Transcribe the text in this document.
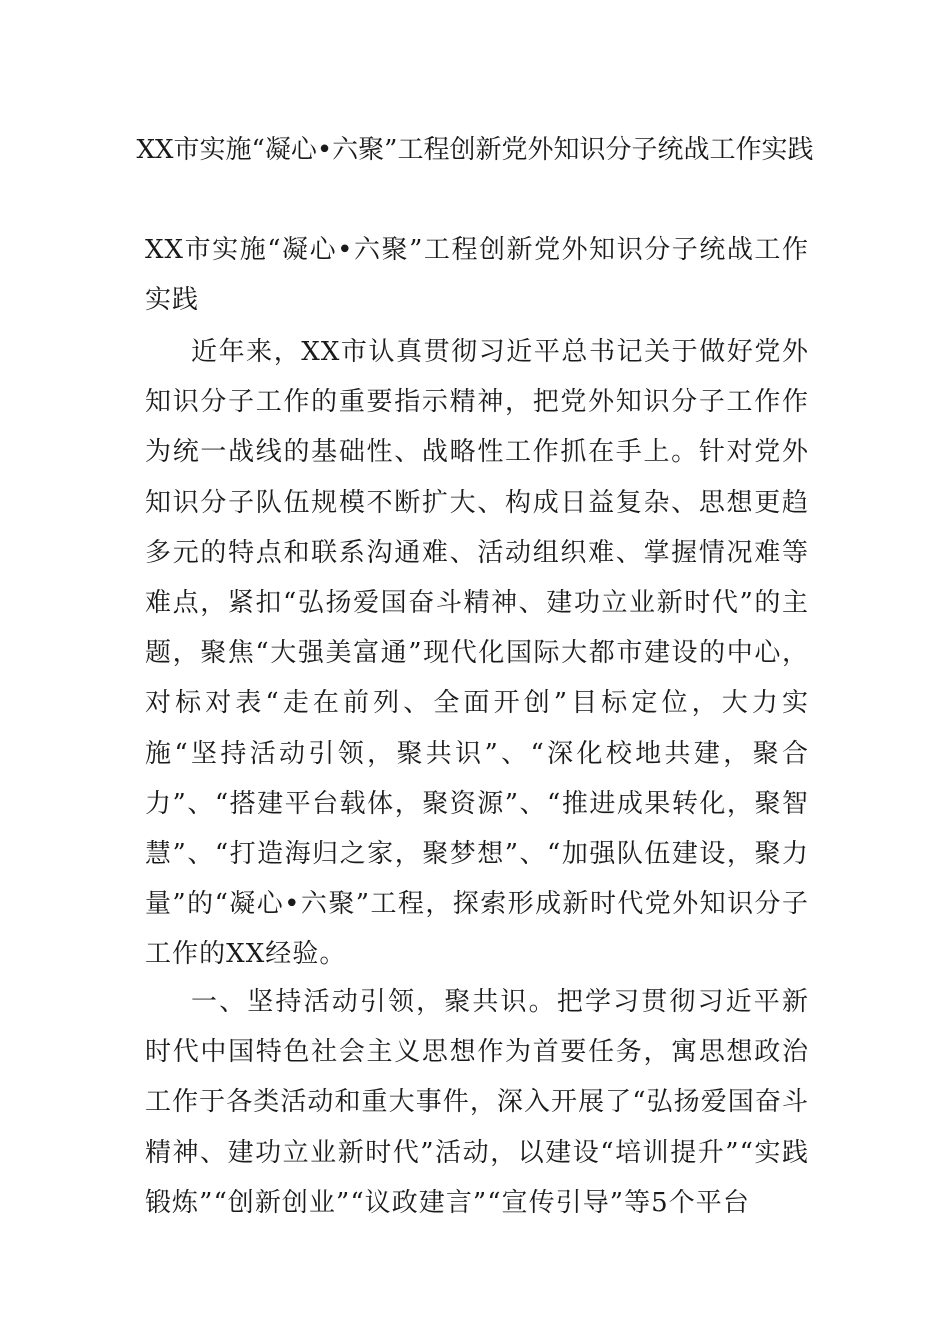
XX市实施“凝心•六聚”工程创新党外知识分子统战工作实践

XX市实施“凝心•六聚”工程创新党外知识分子统战工作实践

近年来，XX市认真贯彻习近平总书记关于做好党外知识分子工作的重要指示精神，把党外知识分子工作作为统一战线的基础性、战略性工作抓在手上。针对党外知识分子队伍规模不断扩大、构成日益复杂、思想更趋多元的特点和联系沟通难、活动组织难、掌握情况难等难点，紧扣“弘扬爱国奋斗精神、建功立业新时代”的主题，聚焦“大强美富通”现代化国际大都市建设的中心，对标对表“走在前列、全面开创”目标定位，大力实施“坚持活动引领，聚共识”、“深化校地共建，聚合力”、“搭建平台载体，聚资源”、“推进成果转化，聚智慧”、“打造海归之家，聚梦想”、“加强队伍建设，聚力量”的“凝心•六聚”工程，探索形成新时代党外知识分子工作的XX经验。

一、坚持活动引领，聚共识。把学习贯彻习近平新时代中国特色社会主义思想作为首要任务，寓思想政治工作于各类活动和重大事件，深入开展了“弘扬爱国奋斗精神、建功立业新时代”活动，以建设“培训提升”“实践锻炼”“创新创业”“议政建言”“宣传引导”等5个平台
